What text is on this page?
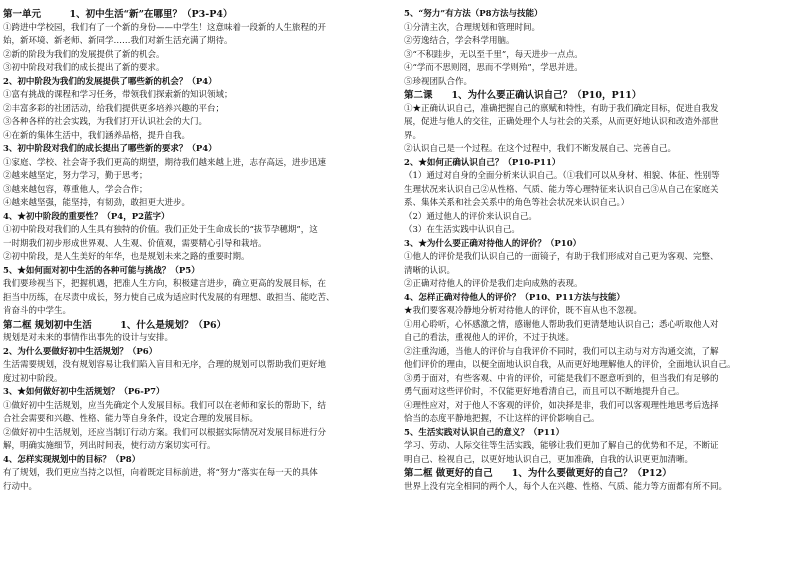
第一单元　　　1、初中生活“新”在哪里？（P3-P4）
①跨进中学校园，我们有了一个新的身份——中学生！这意味着一段新的人生旅程的开
始，新环境、新老师、新同学……我们对新生活充满了期待。
②新的阶段为我们的发展提供了新的机会。
③初中阶段对我们的成长提出了新的要求。
2、初中阶段为我们的发展提供了哪些新的机会？（P4）
①富有挑战的课程和学习任务，带领我们探索新的知识领域；
②丰富多彩的社团活动，给我们提供更多培养兴趣的平台；
③各种各样的社会实践，为我们打开认识社会的大门。
④在新的集体生活中，我们涵养品格，提升自我。
3、初中阶段对我们的成长提出了哪些新的要求？（P4）
①家庭、学校、社会寄予我们更高的期望，期待我们越来越上进，志存高远，进步迅速
②越来越坚定，努力学习，勤于思考；
③越来越包容，尊重他人，学会合作；
④越来越坚强，能坚持，有韧劲，敢担更大进步。
4、★初中阶段的重要性？（P4，P2蓝字）
①初中阶段对我们的人生具有独特的价值。我们正处于生命成长的“拔节孕穗期”，这
一时期我们初步形成世界观、人生观、价值观，需要精心引导和栽培。
②初中阶段，是人生美好的年华，也是规划未来之路的重要时期。
5、★如何面对初中生活的各种可能与挑战？（P5）
我们要珍视当下，把握机遇，把准人生方向，积极建言进步，确立更高的发展目标，在
拒当中历练，在尽责中成长，努力使自己成为适应时代发展的有理想、敢担当、能吃苦、
肯奋斗的中学生。
第二框 规划初中生活　　　1、什么是规划？（P6）
规划是对未来的事情作出事先的设计与安排。
2、为什么要做好初中生活规划？（P6）
生活需要规划，没有规划容易让我们陷入盲目和无序，合理的规划可以帮助我们更好地
度过初中阶段。
3、★如何做好初中生活规划？（P6-P7）
①做好初中生活规划，应当先确定个人发展目标。我们可以在老师和家长的帮助下，结
合社会需要和兴趣、性格、能力等自身条件，设定合理的发展目标。
②做好初中生活规划，还应当制订行动方案。我们可以根据实际情况对发展目标进行分
解，明确实施细节，列出时间表，使行动方案切实可行。
4、怎样实现规划中的目标？（P8）
有了规划，我们更应当持之以恒，向着既定目标前进，将“努力”落实在每一天的具体
行动中。
5、“努力”有方法（P8方法与技能）
①分清主次，合理规划和管理时间。
②劳逸结合，学会科学用脑。
③“不积跬步，无以至千里”，每天进步一点点。
④“学而不思则罔，思而不学则殆”，学思并进。
⑤珍视团队合作。
第二课　　1、为什么要正确认识自己？（P10，P11）
①★正确认识自己，准确把握自己的禀赋和特性，有助于我们确定目标，促进自我发
展，促进与他人的交往，正确处理个人与社会的关系，从而更好地认识和改造外部世
界。
②认识自己是一个过程。在这个过程中，我们不断发展自己、完善自己。
2、★如何正确认识自己？（P10-P11）
（1）通过对自身的全面分析来认识自己。（①我们可以从身材、相貌、体征、性别等
生理状况来认识自己②从性格、气质、能力等心理特征来认识自己③从自己在家庭关
系、集体关系和社会关系中的角色等社会状况来认识自己。）
（2）通过他人的评价来认识自己。
（3）在生活实践中认识自己。
3、★为什么要正确对待他人的评价？（P10）
①他人的评价是我们认识自己的一面镜子，有助于我们形成对自己更为客观、完整、
清晰的认识。
②正确对待他人的评价是我们走向成熟的表现。
4、怎样正确对待他人的评价？（P10、P11方法与技能）
★我们要客观冷静地分析对待他人的评价，既不盲从也不忽视。
①用心聆听，心怀感激之情，感谢他人帮助我们更清楚地认识自己；悉心听取他人对
自己的看法，重视他人的评价，不过于执迷。
②注重沟通，当他人的评价与自我评价不同时，我们可以主动与对方沟通交流，了解
他们评价的理由，以便全面地认识自我，从而更好地理解他人的评价，全面地认识自己。
③勇于面对，有些客观、中肯的评价，可能是我们不愿意听到的，但当我们有足够的
勇气面对这些评价时，不仅能更好地看清自己，而且可以不断地提升自己。
④理性应对，对于他人不客观的评价，如决择是非，我们可以客观理性地思考后选择
恰当的态度平静地把握，不让这样的评价影响自己。
5、生活实践对认识自己的意义？（P11）
学习、劳动、人际交往等生活实践，能够让我们更加了解自己的优势和不足，不断证
明自己、检视自己，以更好地认识自己，更加准确，自我的认识更更加清晰。
第二框 做更好的自己　　1、为什么要做更好的自己？（P12）
世界上没有完全相同的两个人，每个人在兴趣、性格、气质、能力等方面都有所不同。
